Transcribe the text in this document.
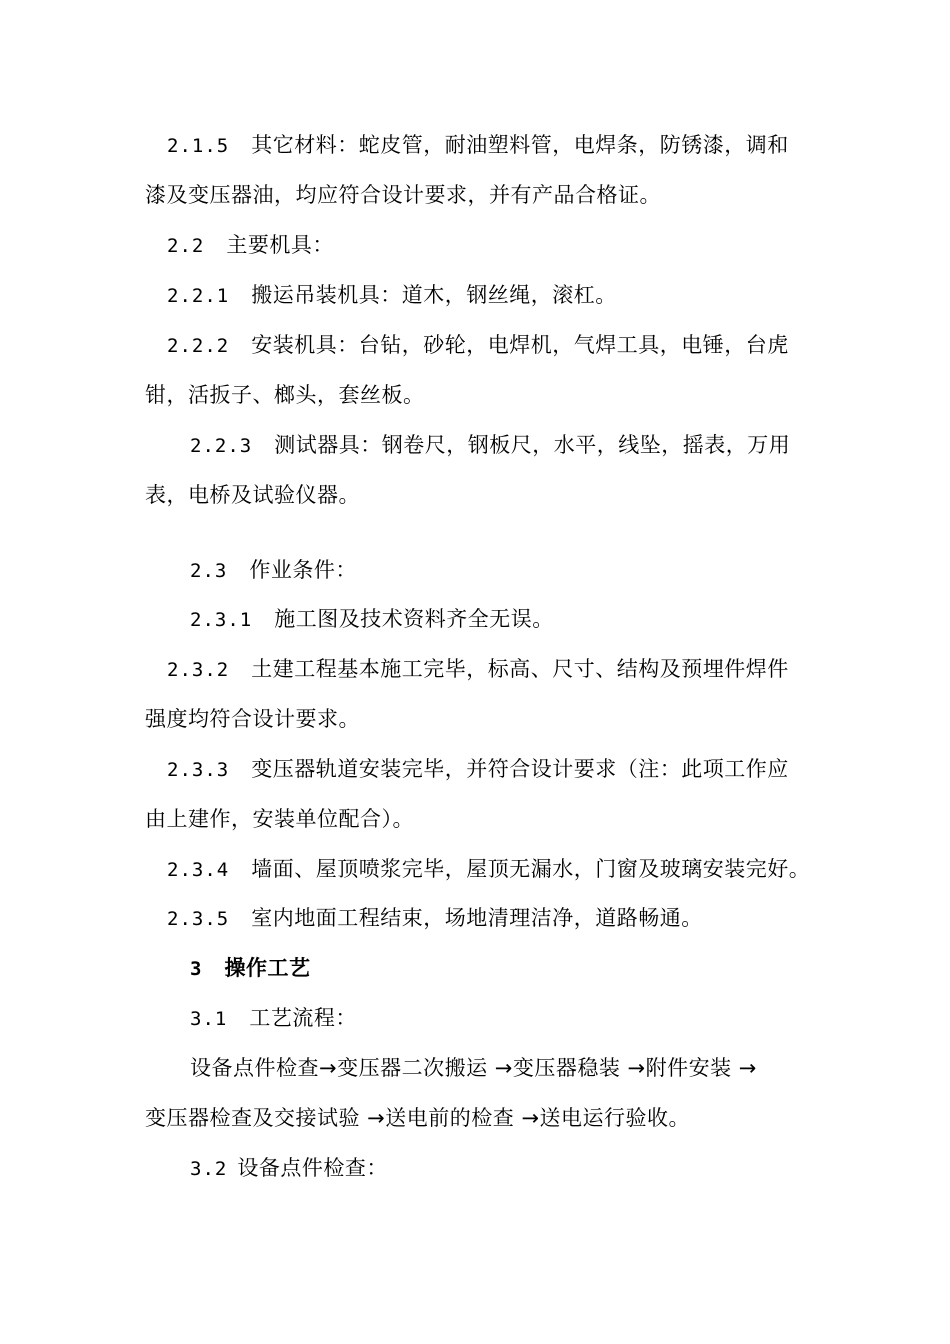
2.1.5 其它材料：蛇皮管，耐油塑料管，电焊条，防锈漆，调和
漆及变压器油，均应符合设计要求，并有产品合格证。
2.2 主要机具：
2.2.1 搬运吊装机具：道木，钢丝绳，滚杠。
2.2.2 安装机具：台钻，砂轮，电焊机，气焊工具，电锤，台虎
钳，活扳子、榔头，套丝板。
2.2.3 测试器具：钢卷尺，钢板尺，水平，线坠，摇表，万用
表，电桥及试验仪器。
2.3 作业条件：
2.3.1 施工图及技术资料齐全无误。
2.3.2 土建工程基本施工完毕，标高、尺寸、结构及预埋件焊件
强度均符合设计要求。
2.3.3 变压器轨道安装完毕，并符合设计要求（注：此项工作应
由上建作，安装单位配合）。
2.3.4 墙面、屋顶喷浆完毕，屋顶无漏水，门窗及玻璃安装完好。
2.3.5 室内地面工程结束，场地清理洁净，道路畅通。
3 操作工艺
3.1 工艺流程：
设备点件检查→变压器二次搬运 →变压器稳装 →附件安装 →
变压器检查及交接试验 →送电前的检查 →送电运行验收。
3.2 设备点件检查：
